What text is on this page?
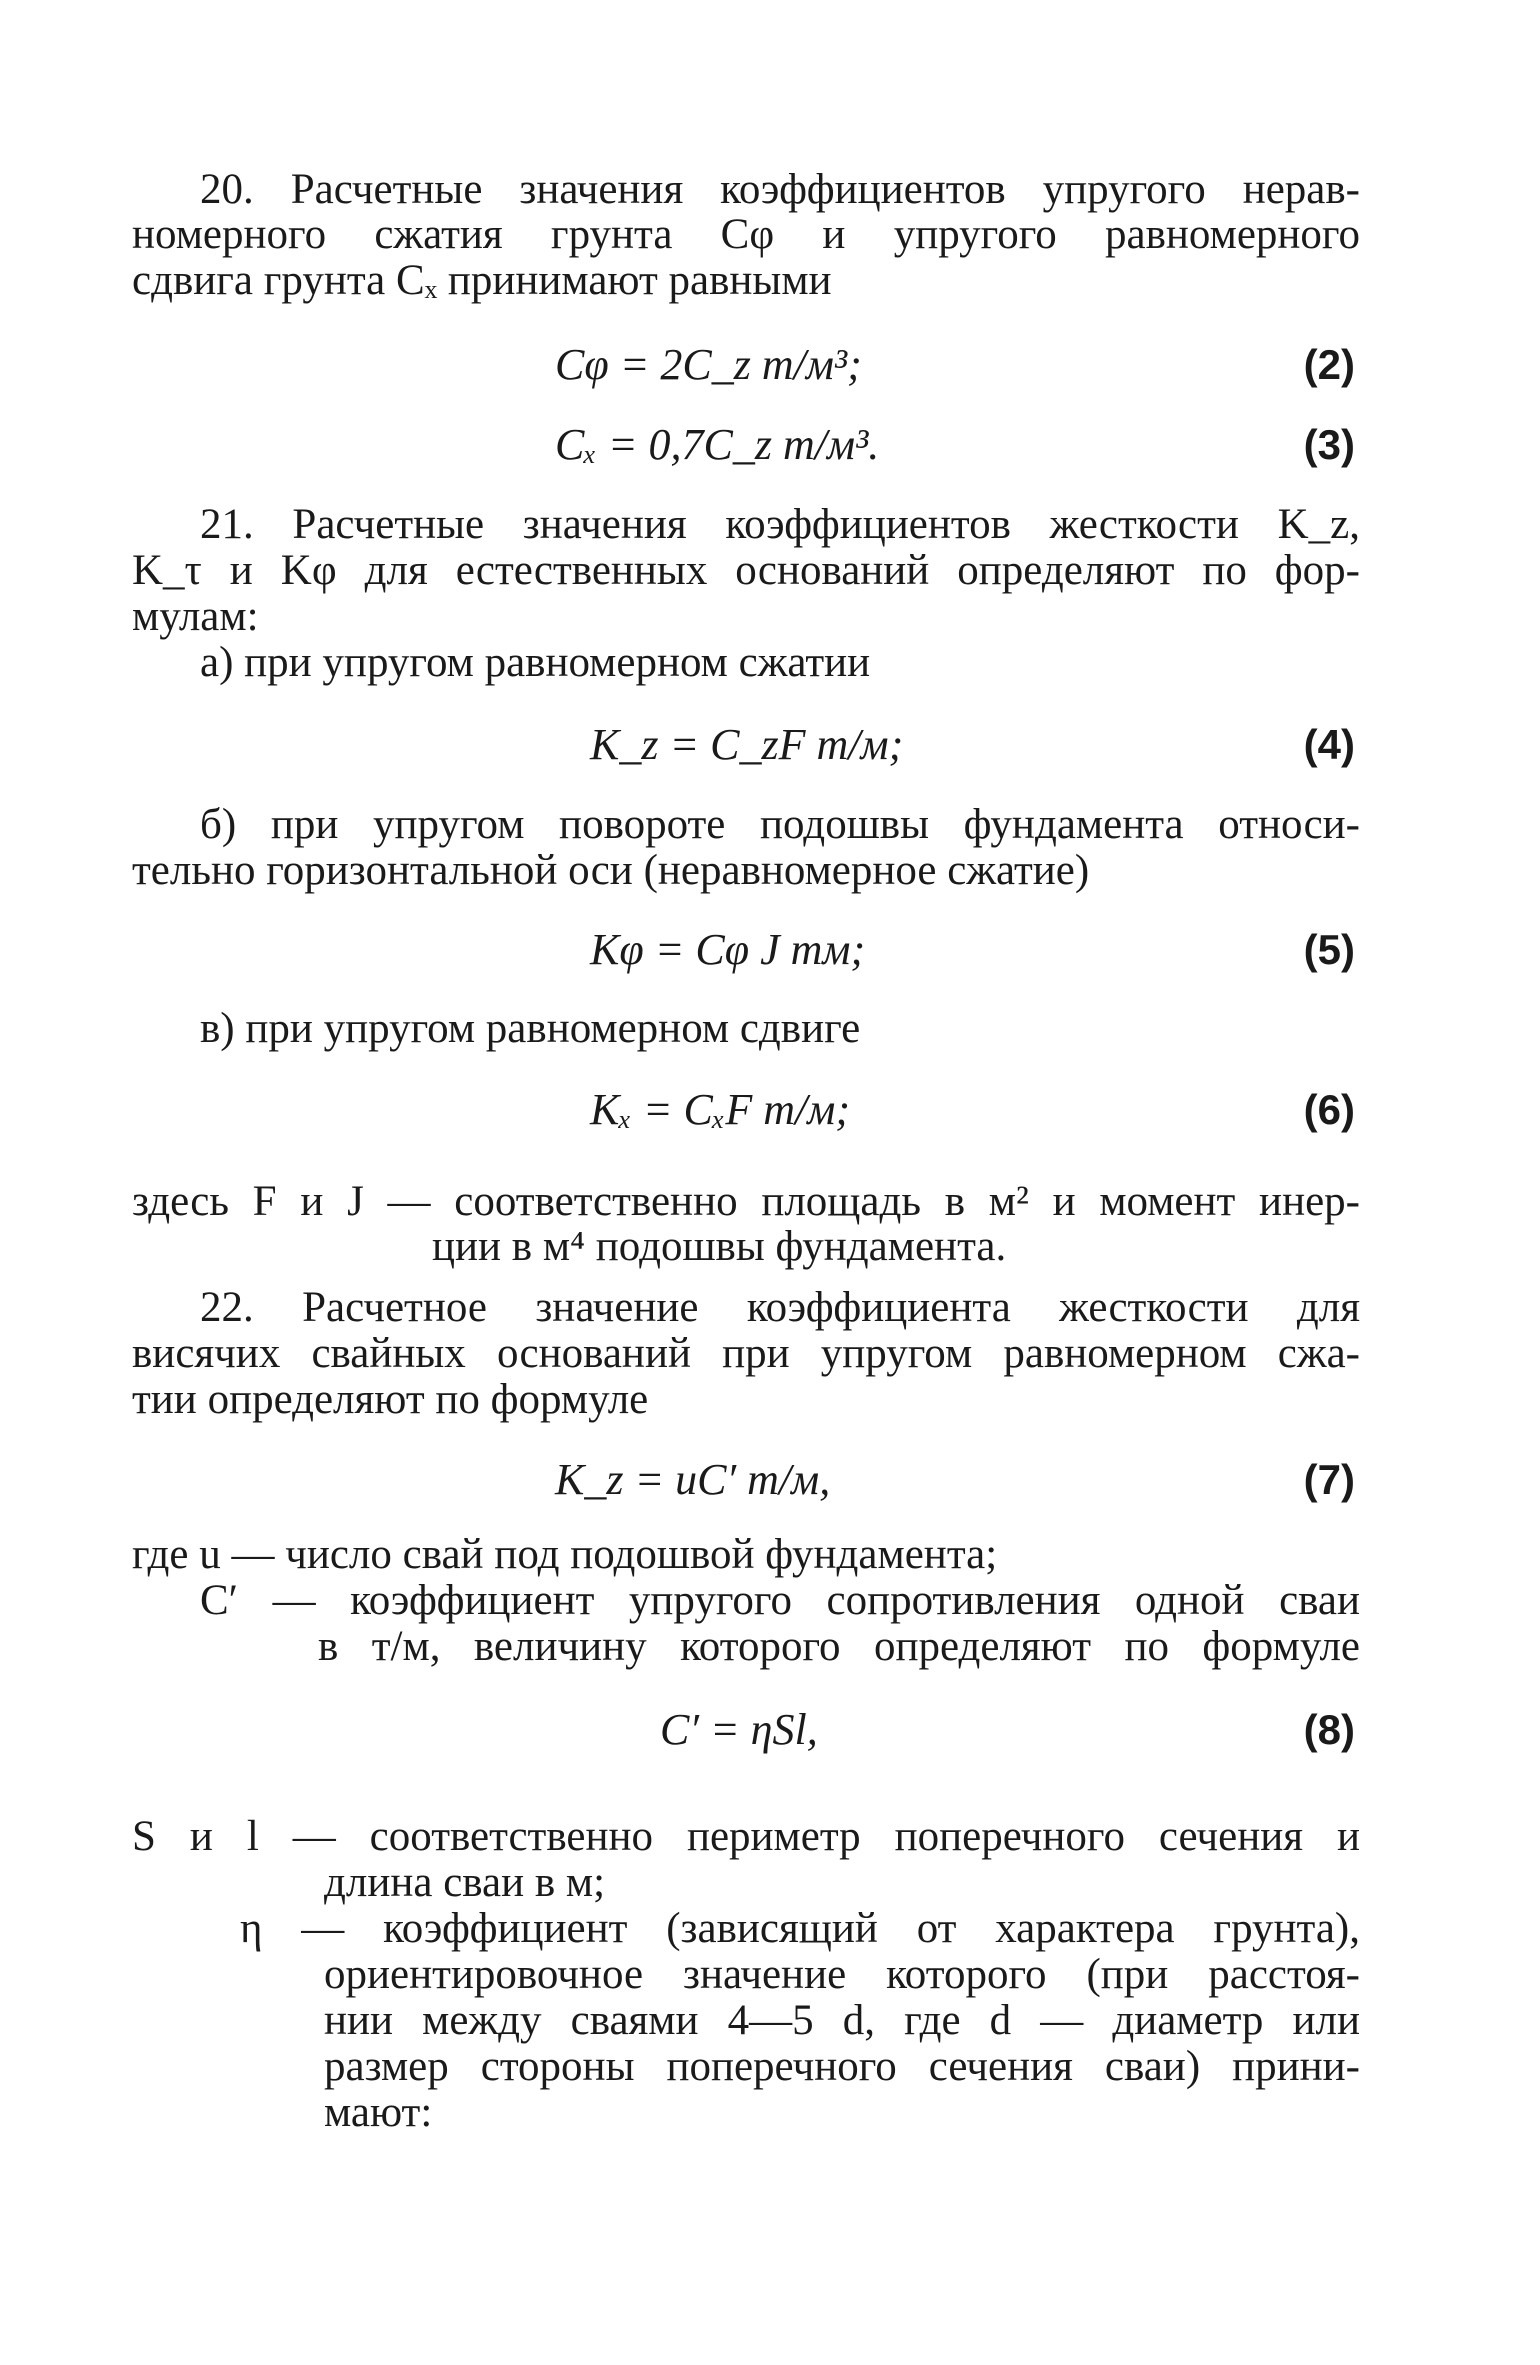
20. Расчетные значения коэффициентов упругого нерав-
номерного сжатия грунта Cφ и упругого равномерного
сдвига грунта Cₓ принимают равными
Cφ = 2C_z т/м³;	(2)
Cₓ = 0,7C_z т/м³.	(3)
21. Расчетные значения коэффициентов жесткости K_z,
K_τ и Kφ для естественных оснований определяют по фор-
мулам:
а) при упругом равномерном сжатии
K_z = C_zF т/м;	(4)
б) при упругом повороте подошвы фундамента относи-
тельно горизонтальной оси (неравномерное сжатие)
Kφ = Cφ J тм;	(5)
в) при упругом равномерном сдвиге
Kₓ = CₓF т/м;	(6)
здесь F и J — соответственно площадь в м² и момент инер-
ции в м⁴ подошвы фундамента.
22. Расчетное значение коэффициента жесткости для
висячих свайных оснований при упругом равномерном сжа-
тии определяют по формуле
K_z = uC′ т/м,	(7)
где u — число свай под подошвой фундамента;
C′ — коэффициент упругого сопротивления одной сваи
в т/м, величину которого определяют по формуле
C′ = ηSl,	(8)
S и l — соответственно периметр поперечного сечения и
длина сваи в м;
η — коэффициент (зависящий от характера грунта),
ориентировочное значение которого (при расстоя-
нии между сваями 4—5 d, где d — диаметр или
размер стороны поперечного сечения сваи) прини-
мают:
